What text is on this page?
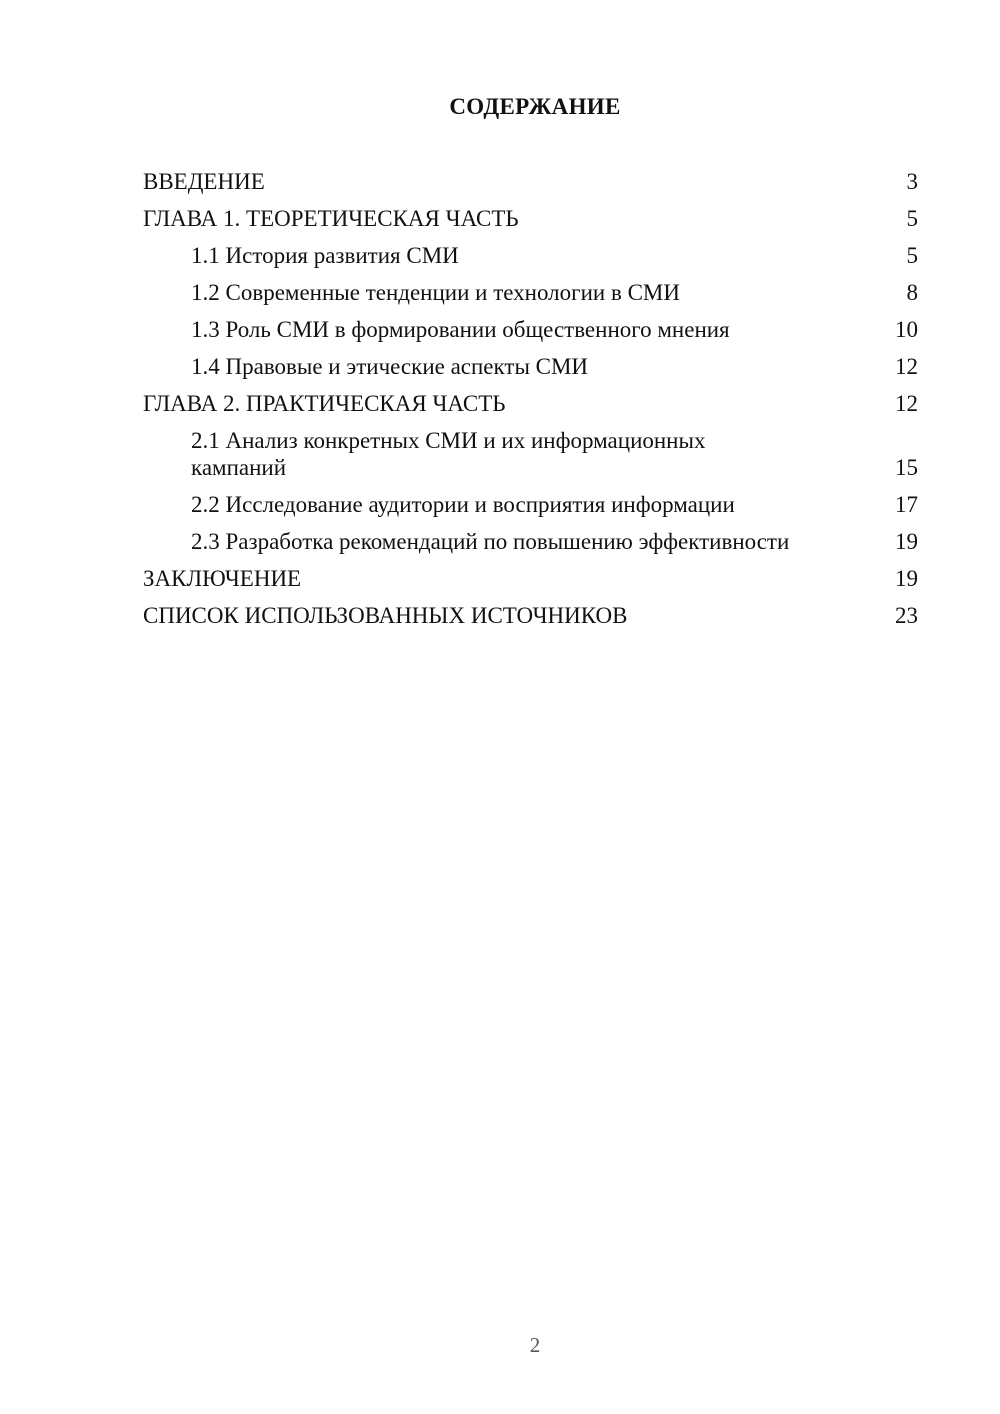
СОДЕРЖАНИЕ
ВВЕДЕНИЕ	3
ГЛАВА 1. ТЕОРЕТИЧЕСКАЯ ЧАСТЬ	5
1.1 История развития СМИ	5
1.2 Современные тенденции и технологии в СМИ	8
1.3 Роль СМИ в формировании общественного мнения	10
1.4 Правовые и этические аспекты СМИ	12
ГЛАВА 2. ПРАКТИЧЕСКАЯ ЧАСТЬ	12
2.1 Анализ конкретных СМИ и их информационных кампаний	15
2.2 Исследование аудитории и восприятия информации	17
2.3 Разработка рекомендаций по повышению эффективности	19
ЗАКЛЮЧЕНИЕ	19
СПИСОК ИСПОЛЬЗОВАННЫХ ИСТОЧНИКОВ	23
2
